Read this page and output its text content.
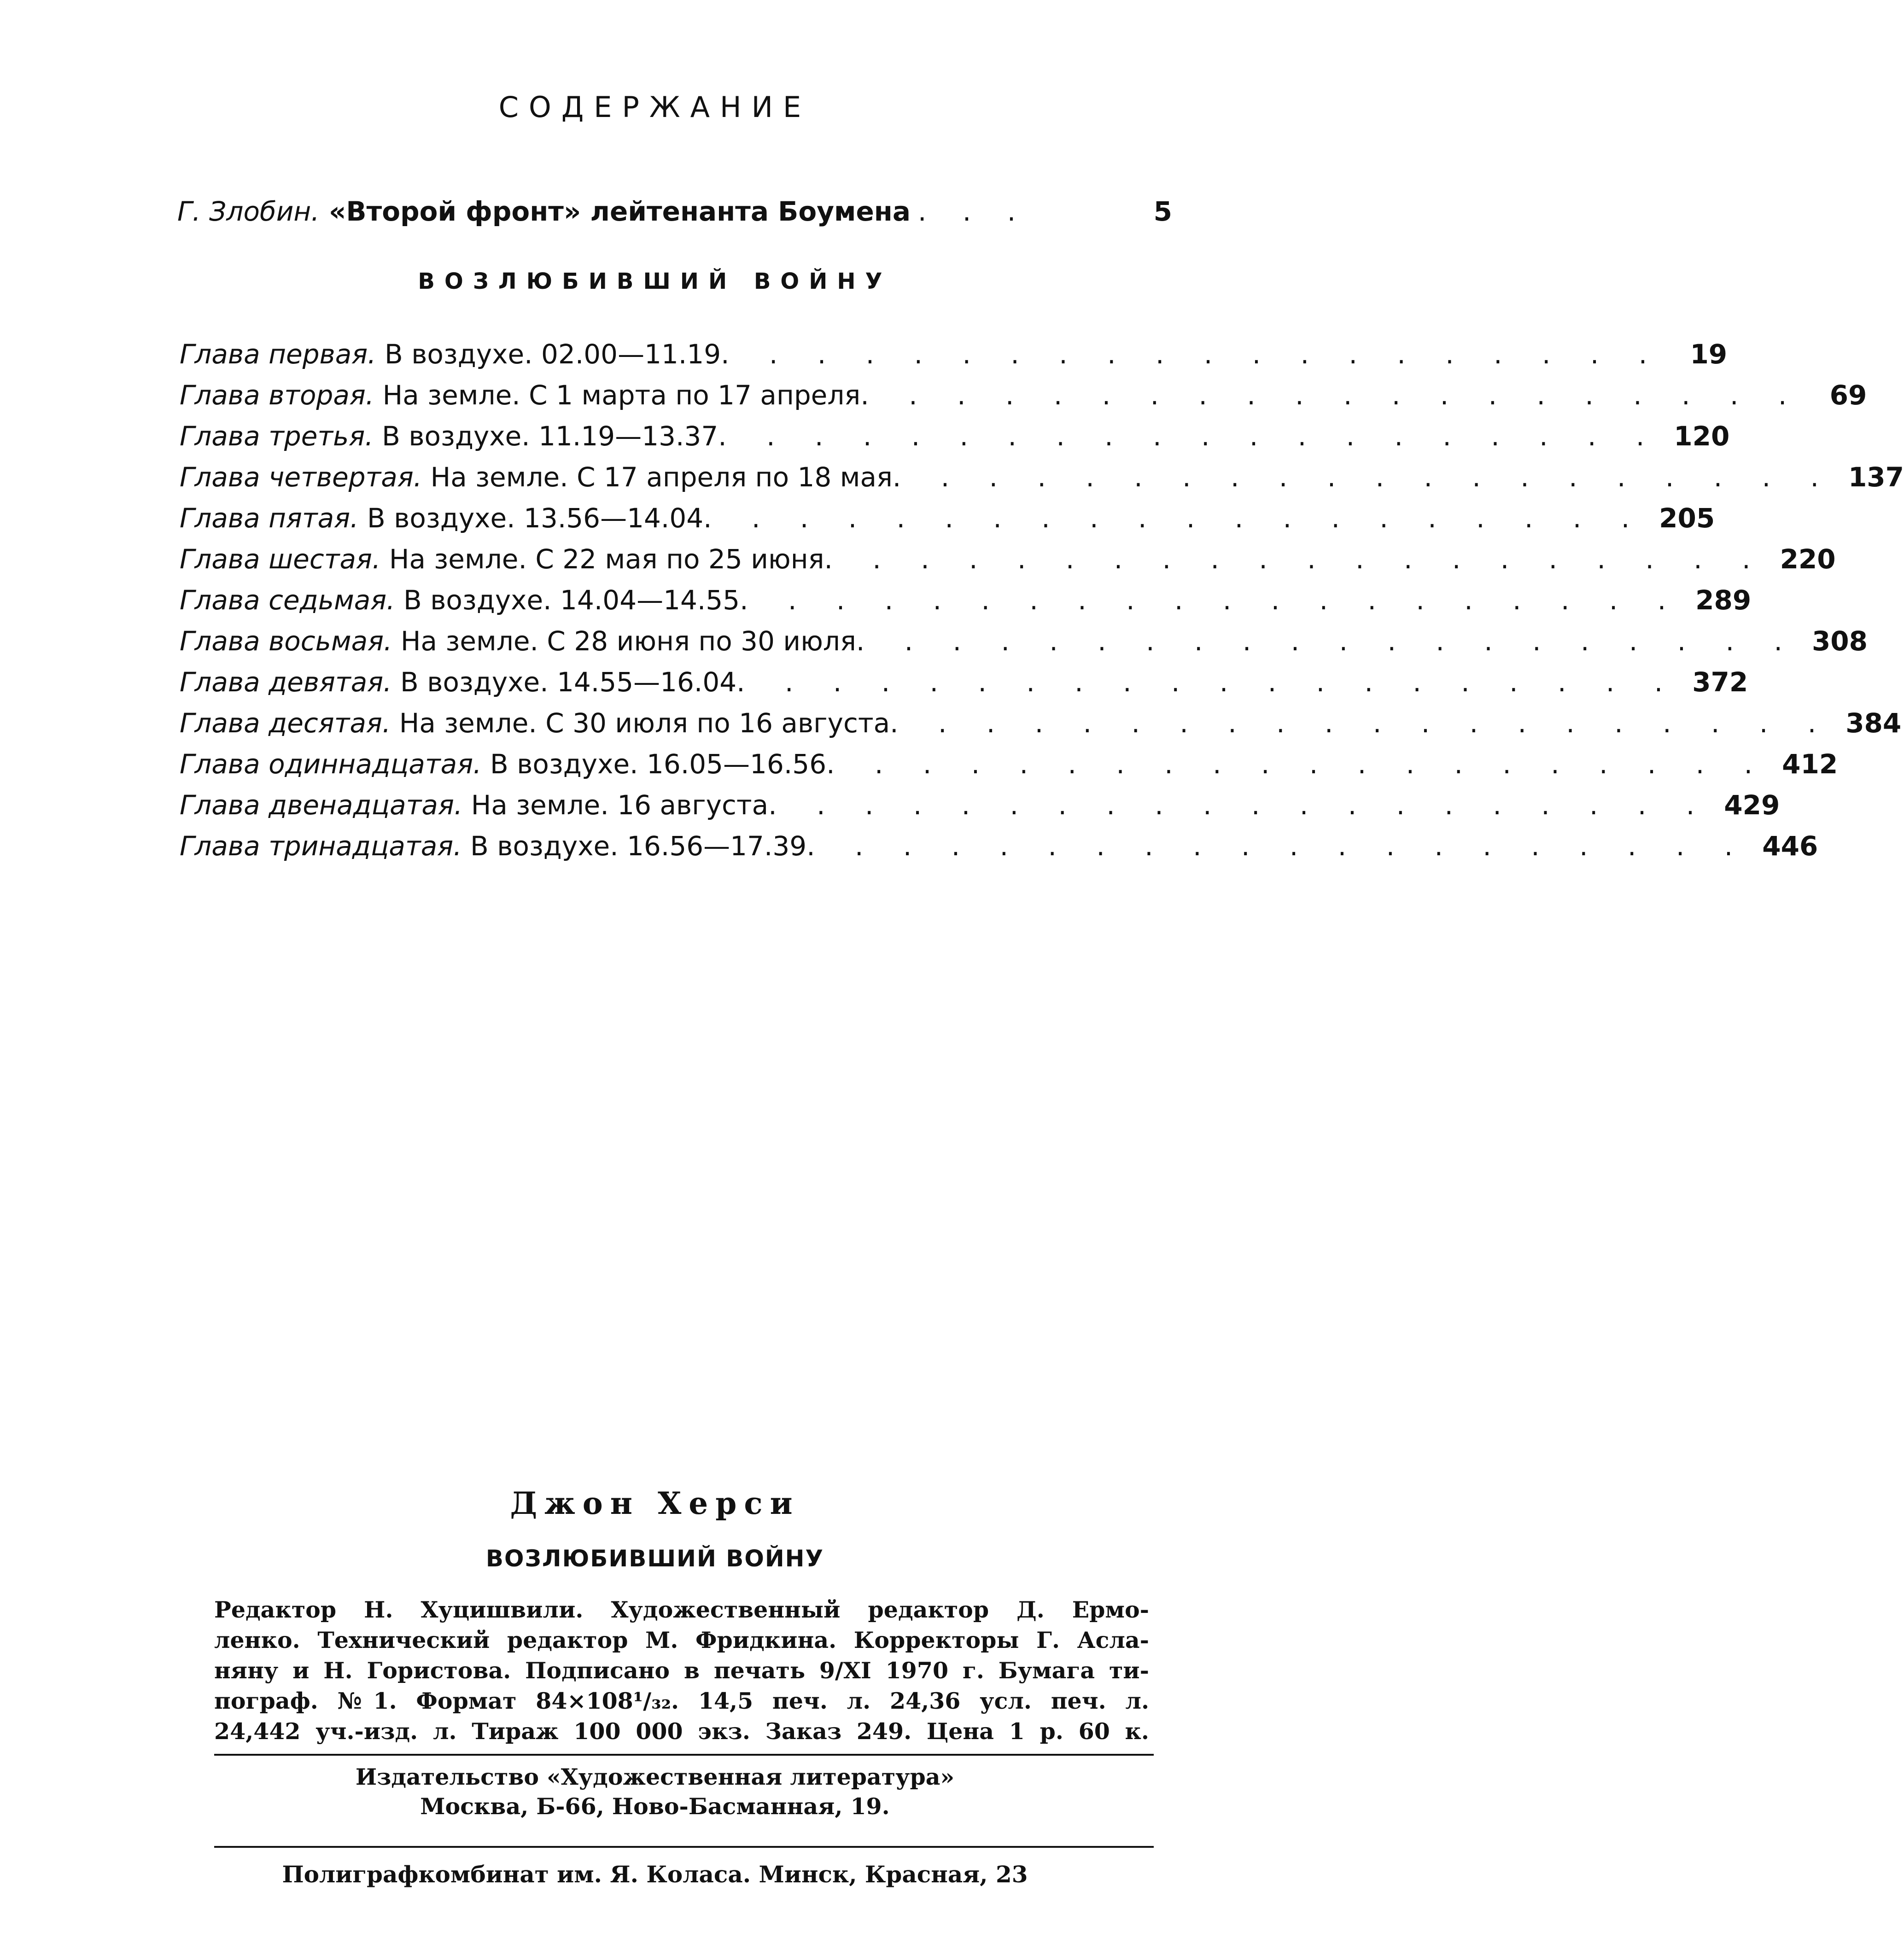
СОДЕРЖАНИЕ
Г. Злобин. «Второй фронт» лейтенанта Боумена . . .	5
ВОЗЛЮБИВШИЙ ВОЙНУ
Глава первая. В воздухе. 02.00—11.19 . . . . . . . . . . . . . . . . . . . .	19
Глава вторая. На земле. С 1 марта по 17 апреля . . . . . . . . . . . . . . . . . . . .	69
Глава третья. В воздухе. 11.19—13.37 . . . . . . . . . . . . . . . . . . . . 120
Глава четвертая. На земле. С 17 апреля по 18 мая . . . . . . . . . . . . . . . . . . . . 137
Глава пятая. В воздухе. 13.56—14.04 . . . . . . . . . . . . . . . . . . . . 205
Глава шестая. На земле. С 22 мая по 25 июня . . . . . . . . . . . . . . . . . . . . 220
Глава седьмая. В воздухе. 14.04—14.55 . . . . . . . . . . . . . . . . . . . . 289
Глава восьмая. На земле. С 28 июня по 30 июля . . . . . . . . . . . . . . . . . . . . 308
Глава девятая. В воздухе. 14.55—16.04 . . . . . . . . . . . . . . . . . . . . 372
Глава десятая. На земле. С 30 июля по 16 августа . . . . . . . . . . . . . . . . . . . . 384
Глава одиннадцатая. В воздухе. 16.05—16.56 . . . . . . . . . . . . . . . . . . . . 412
Глава двенадцатая. На земле. 16 августа . . . . . . . . . . . . . . . . . . . . 429
Глава тринадцатая. В воздухе. 16.56—17.39 . . . . . . . . . . . . . . . . . . . . 446
Джон Херси
ВОЗЛЮБИВШИЙ ВОЙНУ
Редактор Н. Хуцишвили. Художественный редактор Д. Ермо-
ленко. Технический редактор М. Фридкина. Корректоры Г. Асла-
няну и Н. Гористова. Подписано в печать 9/XI 1970 г. Бумага ти-
пограф. №1. Формат 84×108¹/₃₂. 14,5 печ. л. 24,36 усл. печ. л.
24,442 уч.-изд. л. Тираж 100 000 экз. Заказ 249. Цена 1 р. 60 к.
Издательство «Художественная литература»
Москва, Б-66, Ново-Басманная, 19.
Полиграфкомбинат им. Я. Коласа. Минск, Красная, 23
